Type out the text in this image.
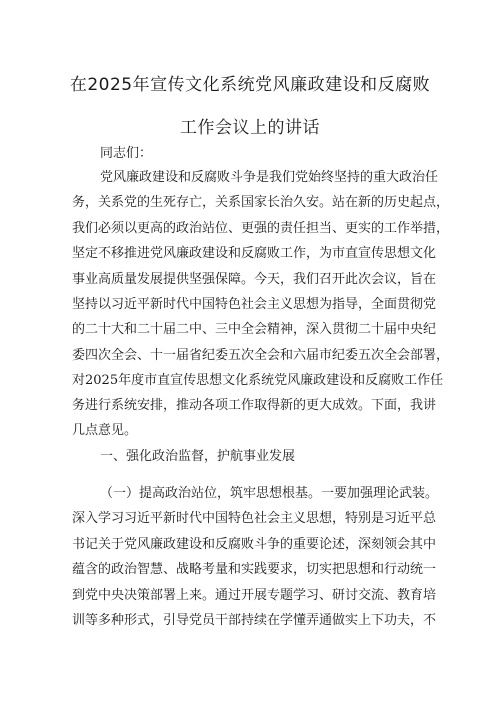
在2025年宣传文化系统党风廉政建设和反腐败
工作会议上的讲话
同志们：
党风廉政建设和反腐败斗争是我们党始终坚持的重大政治任
务，关系党的生死存亡，关系国家长治久安。站在新的历史起点，
我们必须以更高的政治站位、更强的责任担当、更实的工作举措，
坚定不移推进党风廉政建设和反腐败工作，为市直宣传思想文化
事业高质量发展提供坚强保障。今天，我们召开此次会议，旨在
坚持以习近平新时代中国特色社会主义思想为指导，全面贯彻党
的二十大和二十届二中、三中全会精神，深入贯彻二十届中央纪
委四次全会、十一届省纪委五次全会和六届市纪委五次全会部署，
对2025年度市直宣传思想文化系统党风廉政建设和反腐败工作任
务进行系统安排，推动各项工作取得新的更大成效。下面，我讲
几点意见。
一、强化政治监督，护航事业发展
（一）提高政治站位，筑牢思想根基。一要加强理论武装。
深入学习习近平新时代中国特色社会主义思想，特别是习近平总
书记关于党风廉政建设和反腐败斗争的重要论述，深刻领会其中
蕴含的政治智慧、战略考量和实践要求，切实把思想和行动统一
到党中央决策部署上来。通过开展专题学习、研讨交流、教育培
训等多种形式，引导党员干部持续在学懂弄通做实上下功夫，不
